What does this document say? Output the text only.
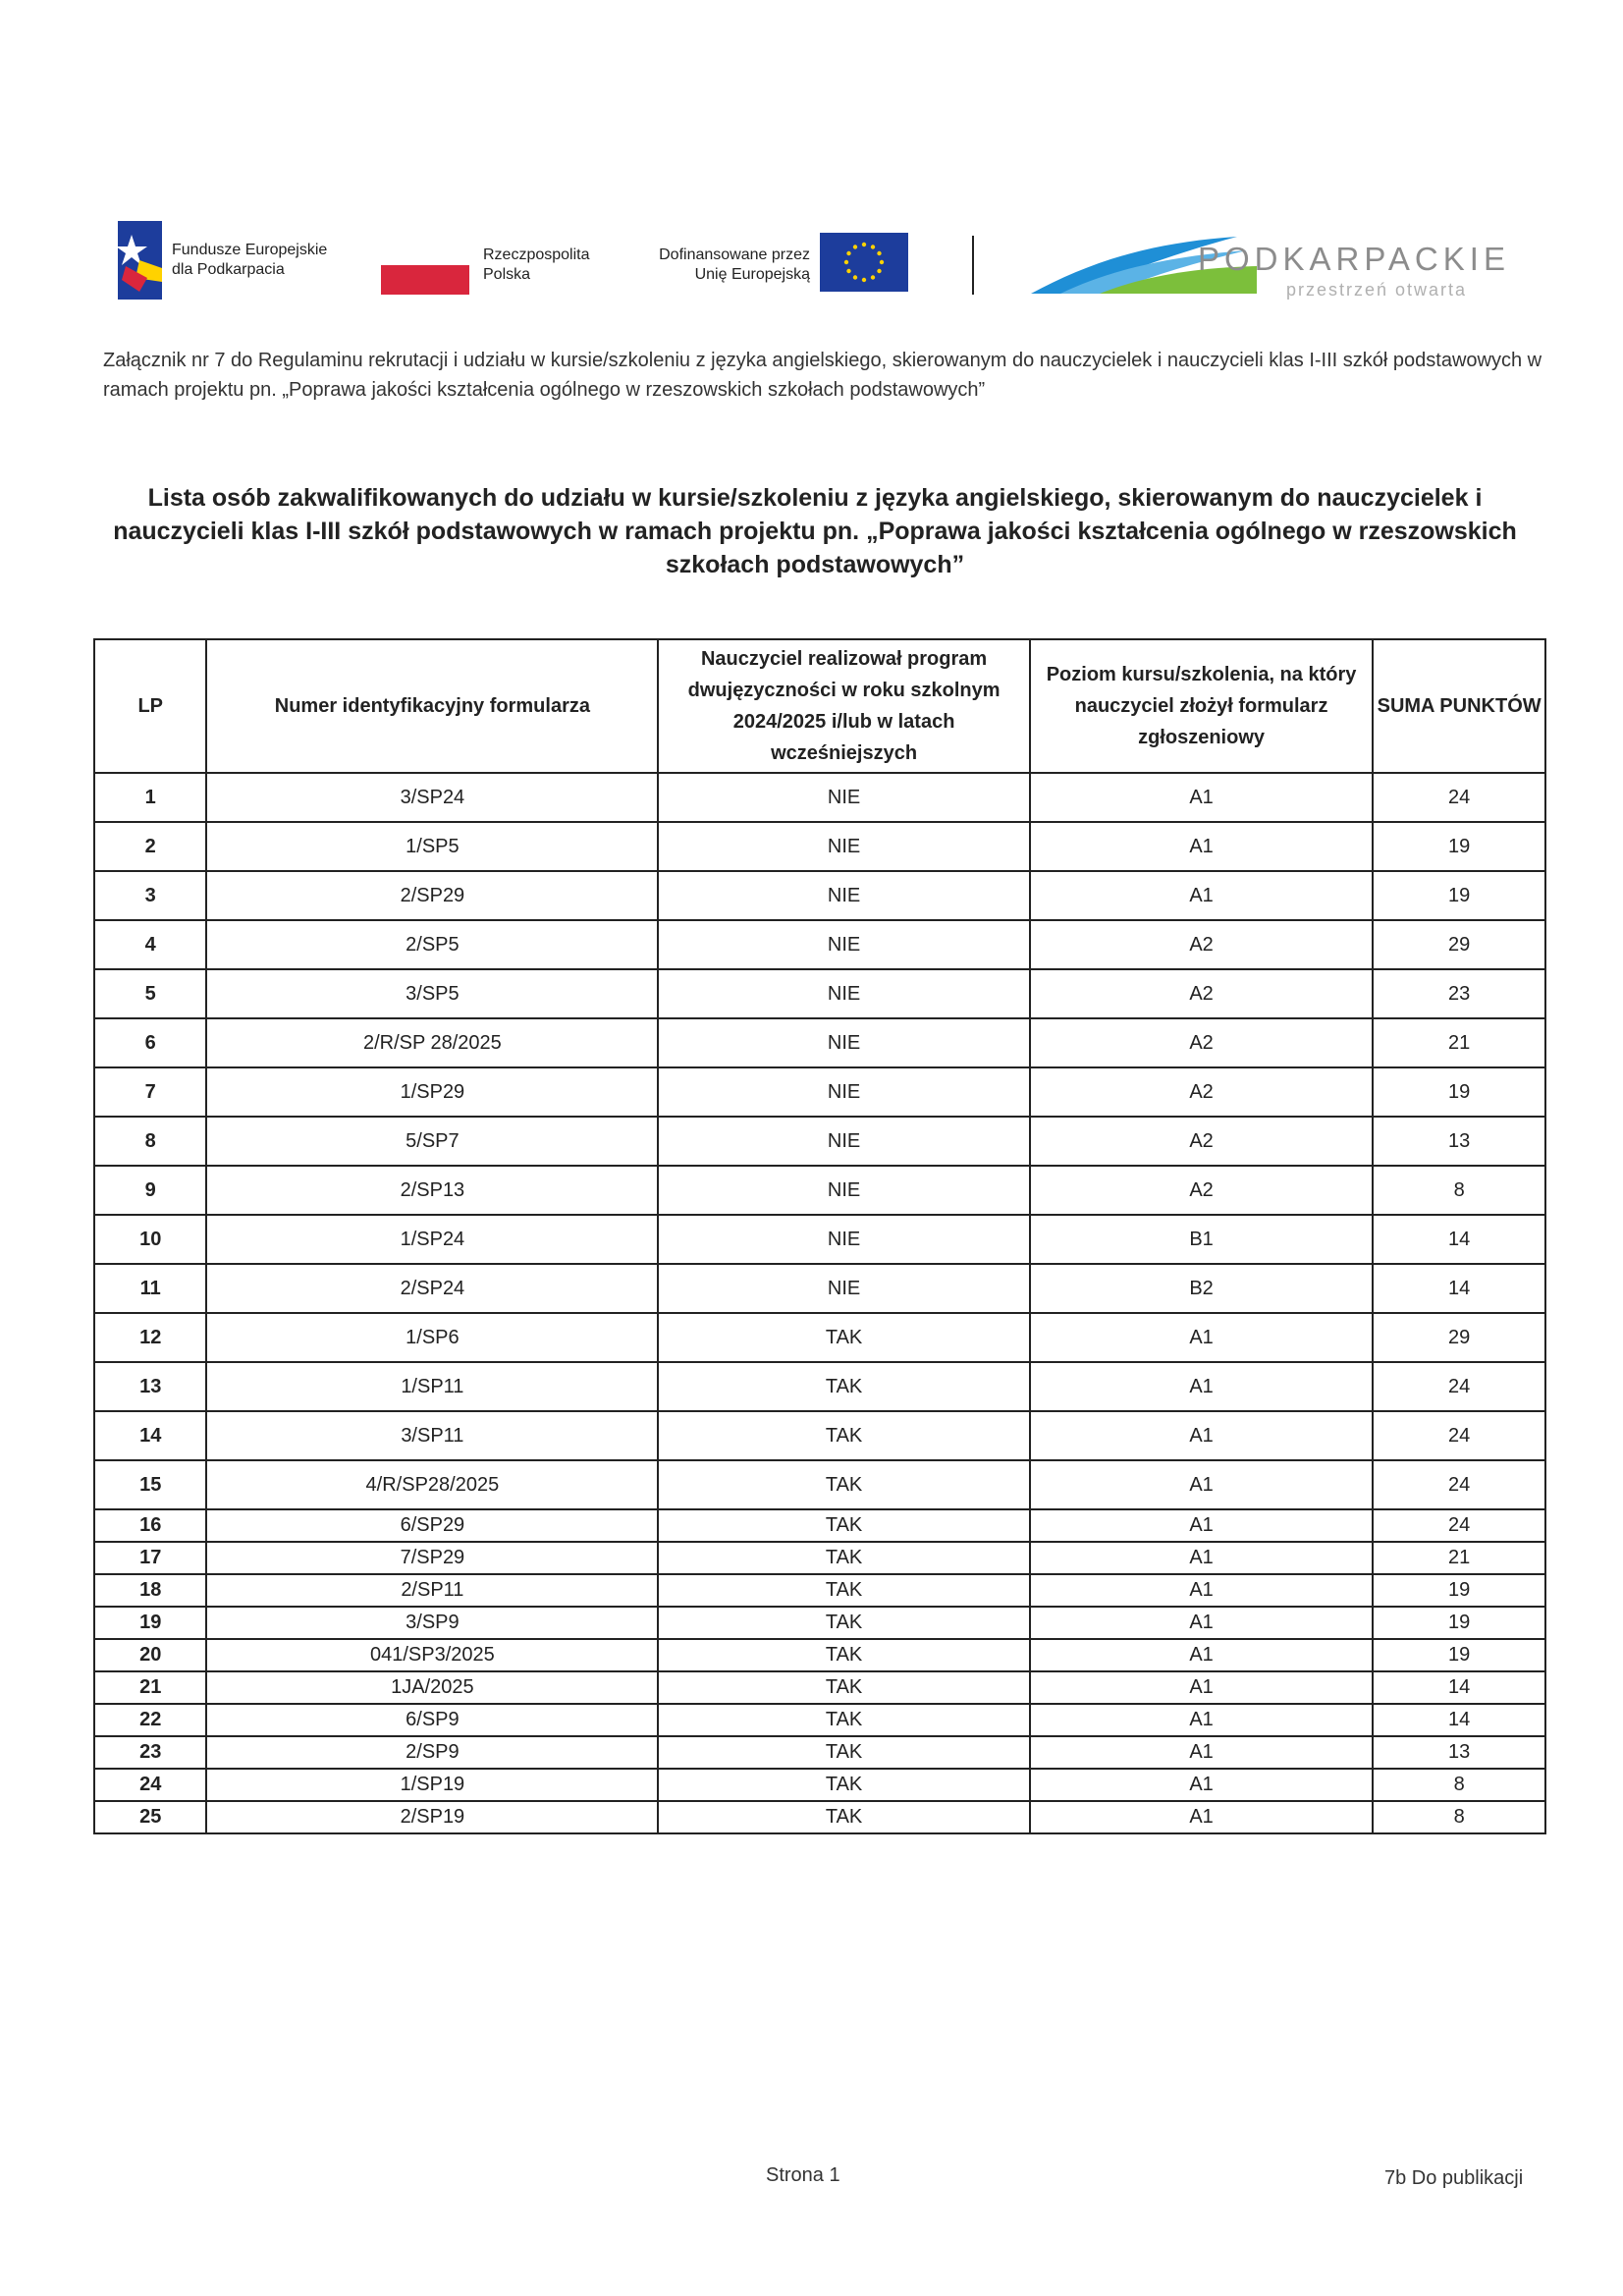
Fundusze Europejskie
dla Podkarpacia
Rzeczpospolita
Polska
Dofinansowane przez
Unię Europejską	PODKARPACKIE
przestrzeń otwarta
Załącznik nr 7 do Regulaminu rekrutacji i udziału w kursie/szkoleniu z języka angielskiego, skierowanym do nauczycielek i nauczycieli klas I-III szkół podstawowych w ramach projektu pn. „Poprawa jakości kształcenia ogólnego w rzeszowskich szkołach podstawowych”
Lista osób zakwalifikowanych do udziału w kursie/szkoleniu z języka angielskiego, skierowanym do nauczycielek i nauczycieli klas I-III szkół podstawowych w ramach projektu pn. „Poprawa jakości kształcenia ogólnego w rzeszowskich szkołach podstawowych”
LP	Numer identyfikacyjny formularza	Nauczyciel realizował program dwujęzyczności w roku szkolnym 2024/2025 i/lub w latach wcześniejszych	Poziom kursu/szkolenia, na który nauczyciel złożył formularz zgłoszeniowy	SUMA PUNKTÓW
1	3/SP24	NIE	A1	24
2	1/SP5	NIE	A1	19
3	2/SP29	NIE	A1	19
4	2/SP5	NIE	A2	29
5	3/SP5	NIE	A2	23
6	2/R/SP 28/2025	NIE	A2	21
7	1/SP29	NIE	A2	19
8	5/SP7	NIE	A2	13
9	2/SP13	NIE	A2	8
10	1/SP24	NIE	B1	14
11	2/SP24	NIE	B2	14
12	1/SP6	TAK	A1	29
13	1/SP11	TAK	A1	24
14	3/SP11	TAK	A1	24
15	4/R/SP28/2025	TAK	A1	24
16	6/SP29	TAK	A1	24
17	7/SP29	TAK	A1	21
18	2/SP11	TAK	A1	19
19	3/SP9	TAK	A1	19
20	041/SP3/2025	TAK	A1	19
21	1JA/2025	TAK	A1	14
22	6/SP9	TAK	A1	14
23	2/SP9	TAK	A1	13
24	1/SP19	TAK	A1	8
25	2/SP19	TAK	A1	8
Strona 1	7b Do publikacji
